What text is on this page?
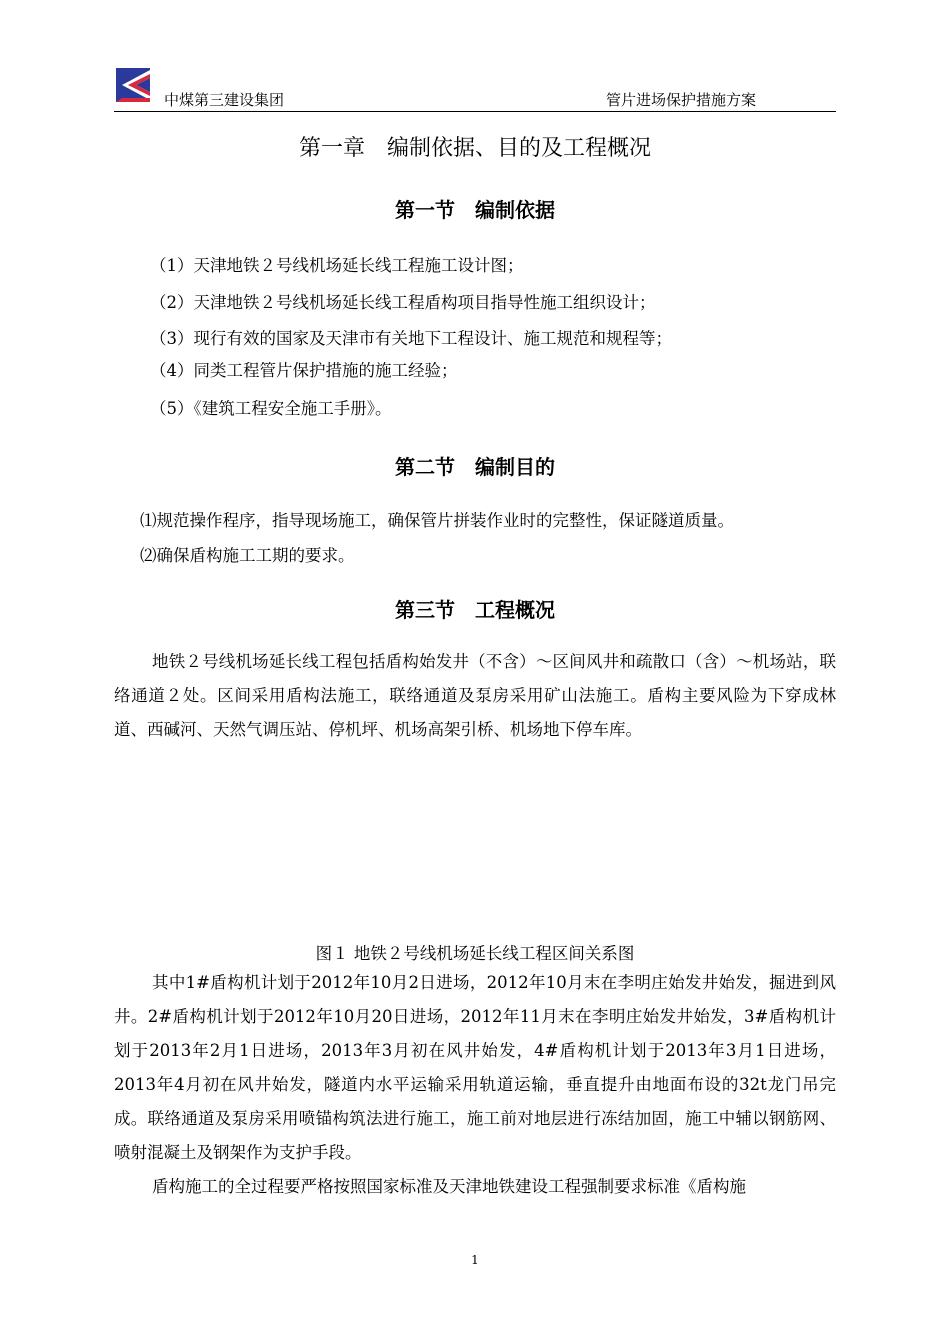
中煤第三建设集团	管片进场保护措施方案
第一章　编制依据、目的及工程概况
第一节　编制依据
（1）天津地铁２号线机场延长线工程施工设计图；
（2）天津地铁２号线机场延长线工程盾构项目指导性施工组织设计；
（3）现行有效的国家及天津市有关地下工程设计、施工规范和规程等；
（4）同类工程管片保护措施的施工经验；
（5）《建筑工程安全施工手册》。
第二节　编制目的
⑴规范操作程序，指导现场施工，确保管片拼装作业时的完整性，保证隧道质量。
⑵确保盾构施工工期的要求。
第三节　工程概况

地铁２号线机场延长线工程包括盾构始发井（不含）～区间风井和疏散口（含）～机场站，联络通道２处。区间采用盾构法施工，联络通道及泵房采用矿山法施工。盾构主要风险为下穿成林道、西碱河、天然气调压站、停机坪、机场高架引桥、机场地下停车库。

图１ 地铁２号线机场延长线工程区间关系图

其中1#盾构机计划于2012年10月2日进场，2012年10月末在李明庄始发井始发，掘进到风井。2#盾构机计划于2012年10月20日进场，2012年11月末在李明庄始发井始发，3#盾构机计划于2013年2月1日进场，2013年3月初在风井始发，4#盾构机计划于2013年3月1日进场，2013年4月初在风井始发，隧道内水平运输采用轨道运输，垂直提升由地面布设的32t龙门吊完成。联络通道及泵房采用喷锚构筑法进行施工，施工前对地层进行冻结加固，施工中辅以钢筋网、喷射混凝土及钢架作为支护手段。

盾构施工的全过程要严格按照国家标准及天津地铁建设工程强制要求标准《盾构施

1
